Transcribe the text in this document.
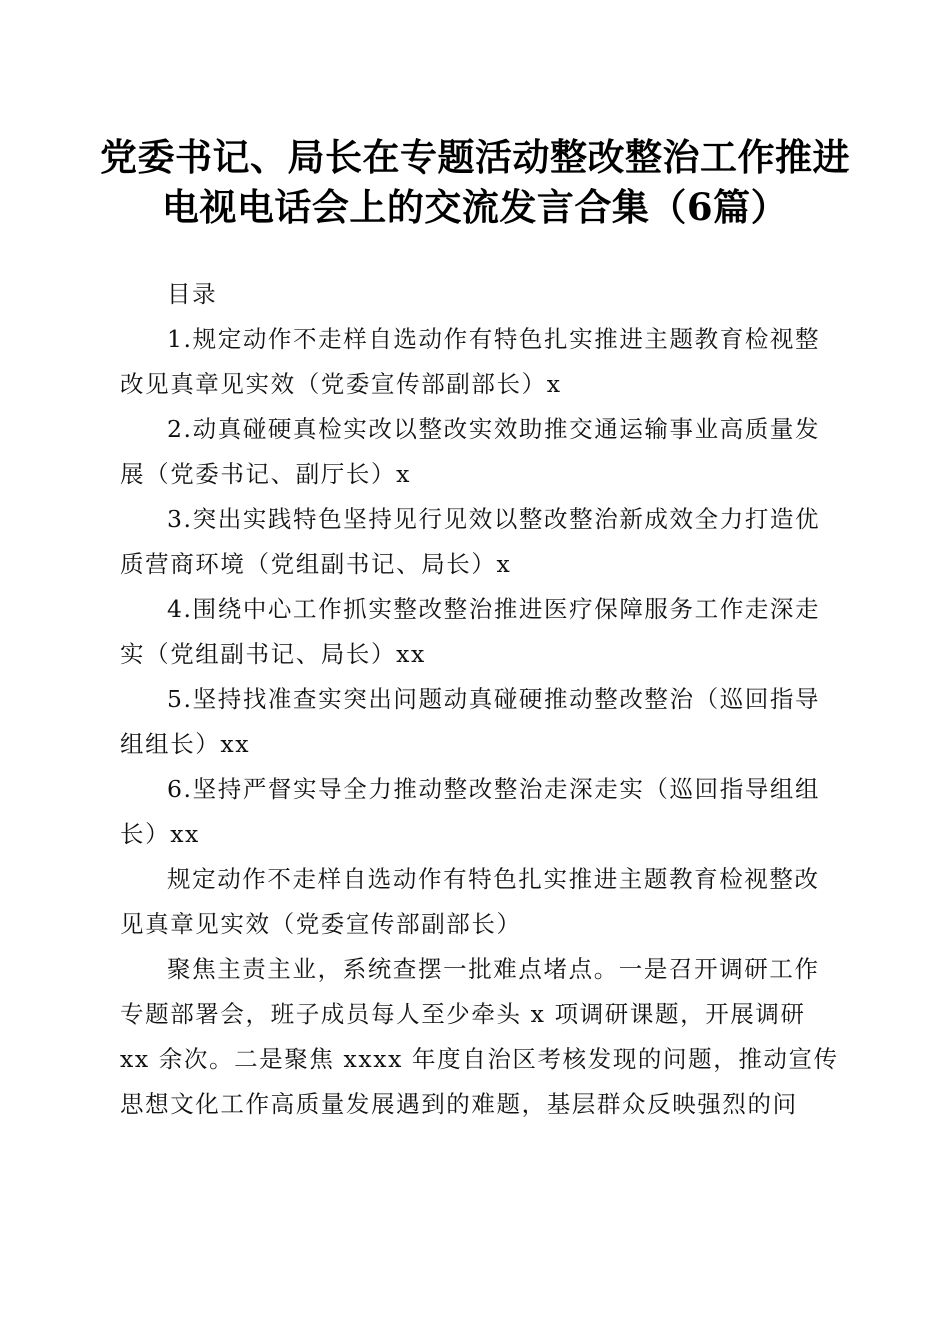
党委书记、局长在专题活动整改整治工作推进
电视电话会上的交流发言合集（6篇）

目录

1.规定动作不走样自选动作有特色扎实推进主题教育检视整
改见真章见实效（党委宣传部副部长）x

2.动真碰硬真检实改以整改实效助推交通运输事业高质量发
展（党委书记、副厅长）x

3.突出实践特色坚持见行见效以整改整治新成效全力打造优
质营商环境（党组副书记、局长）x

4.围绕中心工作抓实整改整治推进医疗保障服务工作走深走
实（党组副书记、局长）xx

5.坚持找准查实突出问题动真碰硬推动整改整治（巡回指导
组组长）xx

6.坚持严督实导全力推动整改整治走深走实（巡回指导组组
长）xx

规定动作不走样自选动作有特色扎实推进主题教育检视整改
见真章见实效（党委宣传部副部长）

聚焦主责主业，系统查摆一批难点堵点。一是召开调研工作
专题部署会，班子成员每人至少牵头 x 项调研课题，开展调研
xx 余次。二是聚焦 xxxx 年度自治区考核发现的问题，推动宣传
思想文化工作高质量发展遇到的难题，基层群众反映强烈的问
